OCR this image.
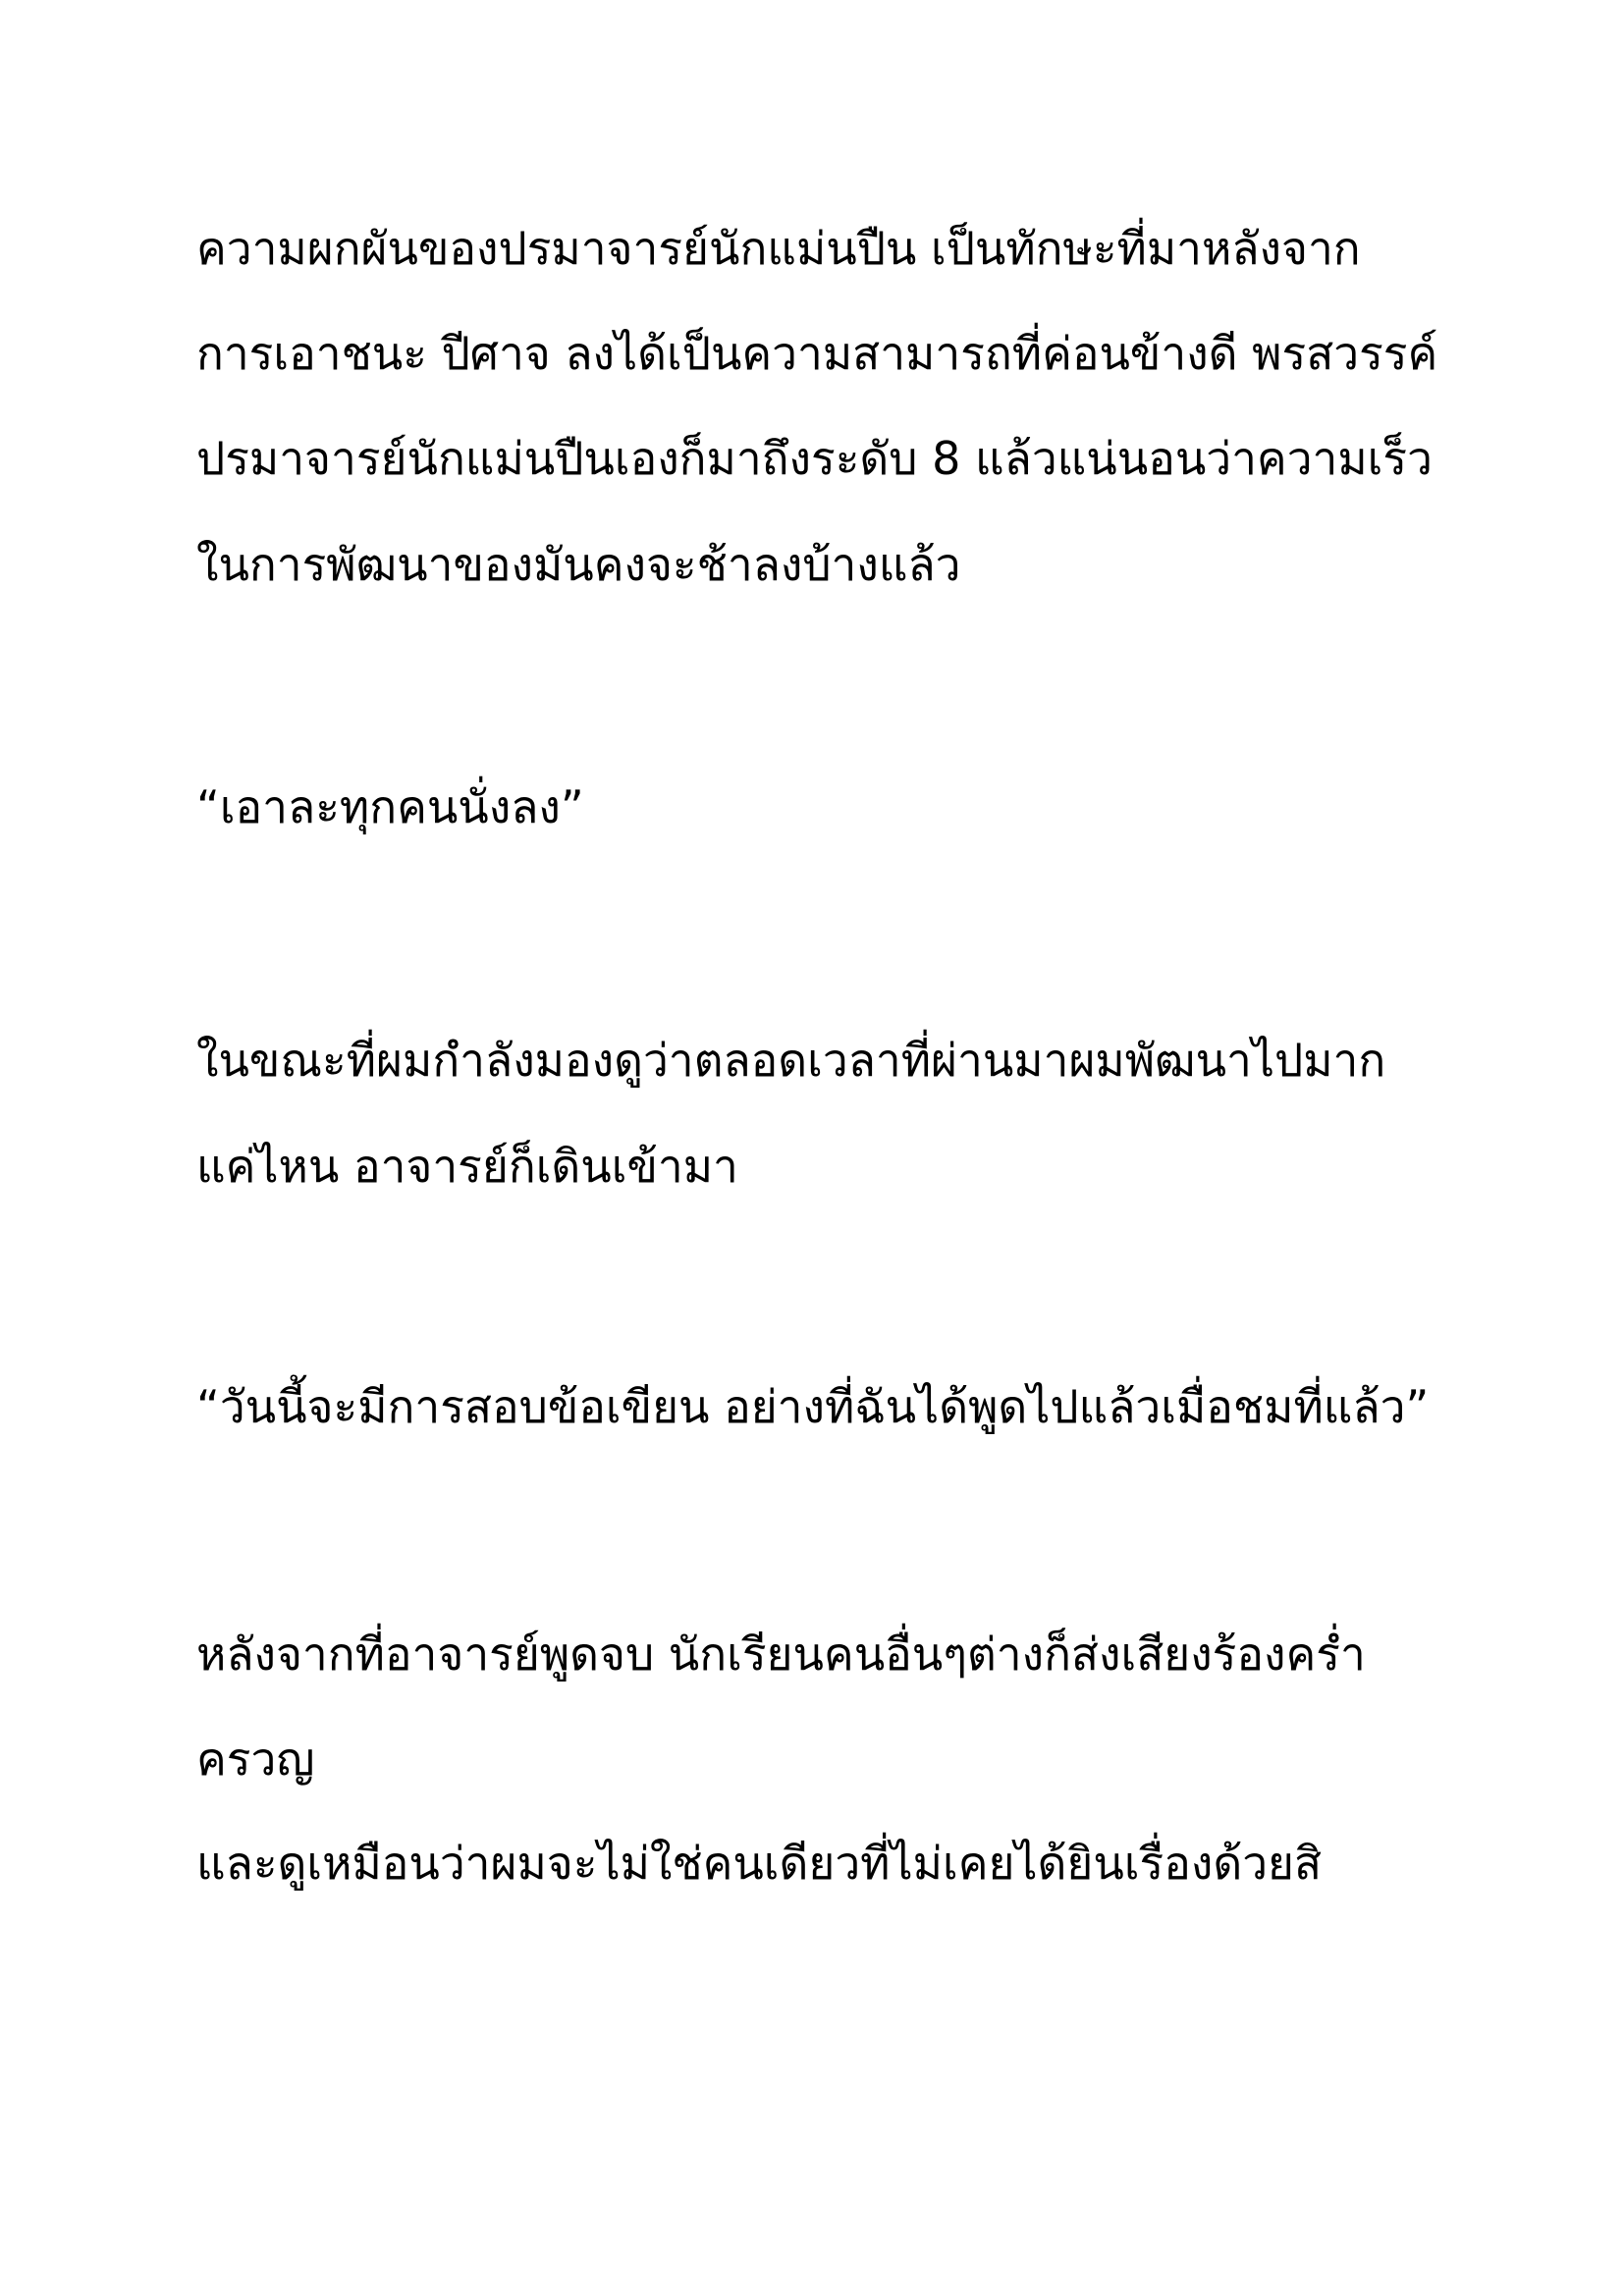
ความผกผันของปรมาจารย์นักแม่นปืน เป็นทักษะที่มาหลังจาก
การเอาชนะ ปีศาจ ลงได้เป็นความสามารถที่ค่อนข้างดี พรสวรรค์
ปรมาจารย์นักแม่นปืนเองก็มาถึงระดับ 8 แล้วแน่นอนว่าความเร็ว
ในการพัฒนาของมันคงจะช้าลงบ้างแล้ว
“เอาละทุกคนนั่งลง”
ในขณะที่ผมกำลังมองดูว่าตลอดเวลาที่ผ่านมาผมพัฒนาไปมาก
แค่ไหน อาจารย์ก็เดินเข้ามา
“วันนี้จะมีการสอบข้อเขียน อย่างที่ฉันได้พูดไปแล้วเมื่อชมที่แล้ว”
หลังจากที่อาจารย์พูดจบ นักเรียนคนอื่นๆต่างก็ส่งเสียงร้องคร่ำ
ครวญ
และดูเหมือนว่าผมจะไม่ใช่คนเดียวที่ไม่เคยได้ยินเรื่องด้วยสิ
